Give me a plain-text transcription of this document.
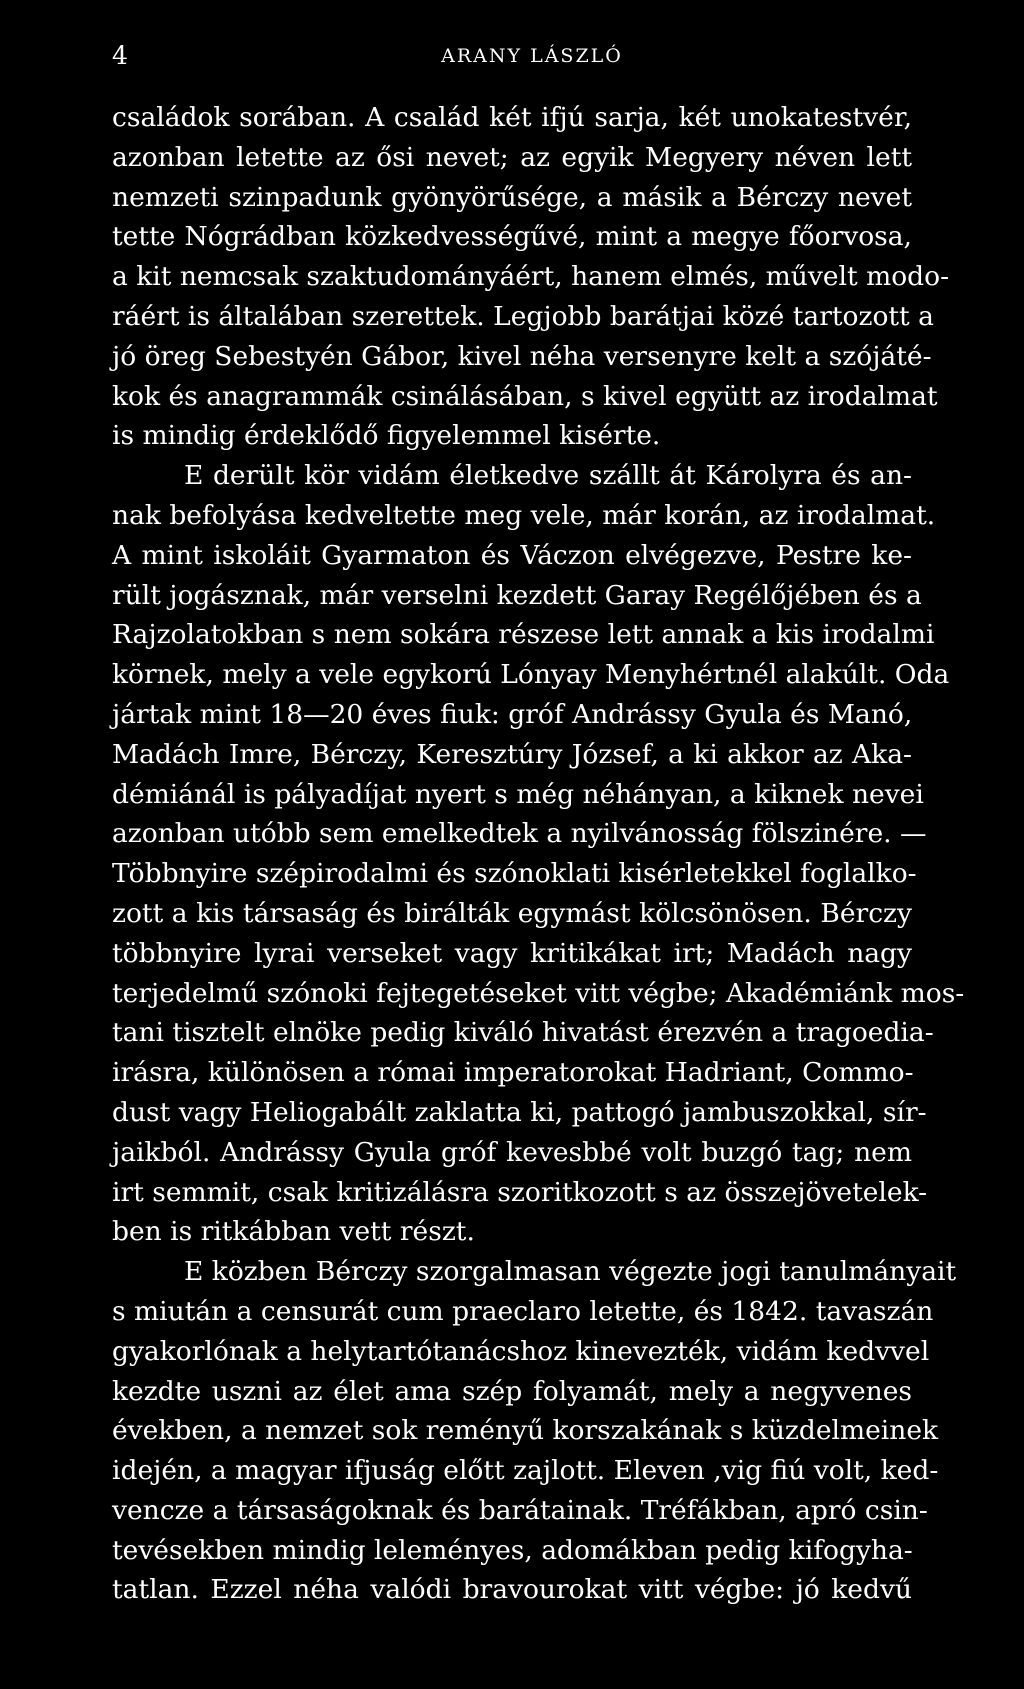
4	ARANY LÁSZLÓ
családok sorában. A család két ifjú sarja, két unokatestvér,
azonban letette az ősi nevet; az egyik Megyery néven lett
nemzeti szinpadunk gyönyörűsége, a másik a Bérczy nevet
tette Nógrádban közkedvességűvé, mint a megye főorvosa,
a kit nemcsak szaktudományáért, hanem elmés, művelt modo-
ráért is általában szerettek. Legjobb barátjai közé tartozott a
jó öreg Sebestyén Gábor, kivel néha versenyre kelt a szójáté-
kok és anagrammák csinálásában, s kivel együtt az irodalmat
is mindig érdeklődő figyelemmel kisérte.
E derült kör vidám életkedve szállt át Károlyra és an-
nak befolyása kedveltette meg vele, már korán, az irodalmat.
A mint iskoláit Gyarmaton és Váczon elvégezve, Pestre ke-
rült jogásznak, már verselni kezdett Garay Regélőjében és a
Rajzolatokban s nem sokára részese lett annak a kis irodalmi
körnek, mely a vele egykorú Lónyay Menyhértnél alakúlt. Oda
jártak mint 18—20 éves fiuk: gróf Andrássy Gyula és Manó,
Madách Imre, Bérczy, Keresztúry József, a ki akkor az Aka-
démiánál is pályadíjat nyert s még néhányan, a kiknek nevei
azonban utóbb sem emelkedtek a nyilvánosság fölszinére. —
Többnyire szépirodalmi és szónoklati kisérletekkel foglalko-
zott a kis társaság és birálták egymást kölcsönösen. Bérczy
többnyire lyrai verseket vagy kritikákat irt; Madách nagy
terjedelmű szónoki fejtegetéseket vitt végbe; Akadémiánk mos-
tani tisztelt elnöke pedig kiváló hivatást érezvén a tragoedia-
irásra, különösen a római imperatorokat Hadriant, Commo-
dust vagy Heliogabált zaklatta ki, pattogó jambuszokkal, sír-
jaikból. Andrássy Gyula gróf kevesbbé volt buzgó tag; nem
irt semmit, csak kritizálásra szoritkozott s az összejövetelek-
ben is ritkábban vett részt.
E közben Bérczy szorgalmasan végezte jogi tanulmányait
s miután a censurát cum praeclaro letette, és 1842. tavaszán
gyakorlónak a helytartótanácshoz kinevezték, vidám kedvvel
kezdte uszni az élet ama szép folyamát, mely a negyvenes
években, a nemzet sok reményű korszakának s küzdelmeinek
idején, a magyar ifjuság előtt zajlott. Eleven ,vig fiú volt, ked-
vencze a társaságoknak és barátainak. Tréfákban, apró csin-
tevésekben mindig leleményes, adomákban pedig kifogyha-
tatlan. Ezzel néha valódi bravourokat vitt végbe: jó kedvű
